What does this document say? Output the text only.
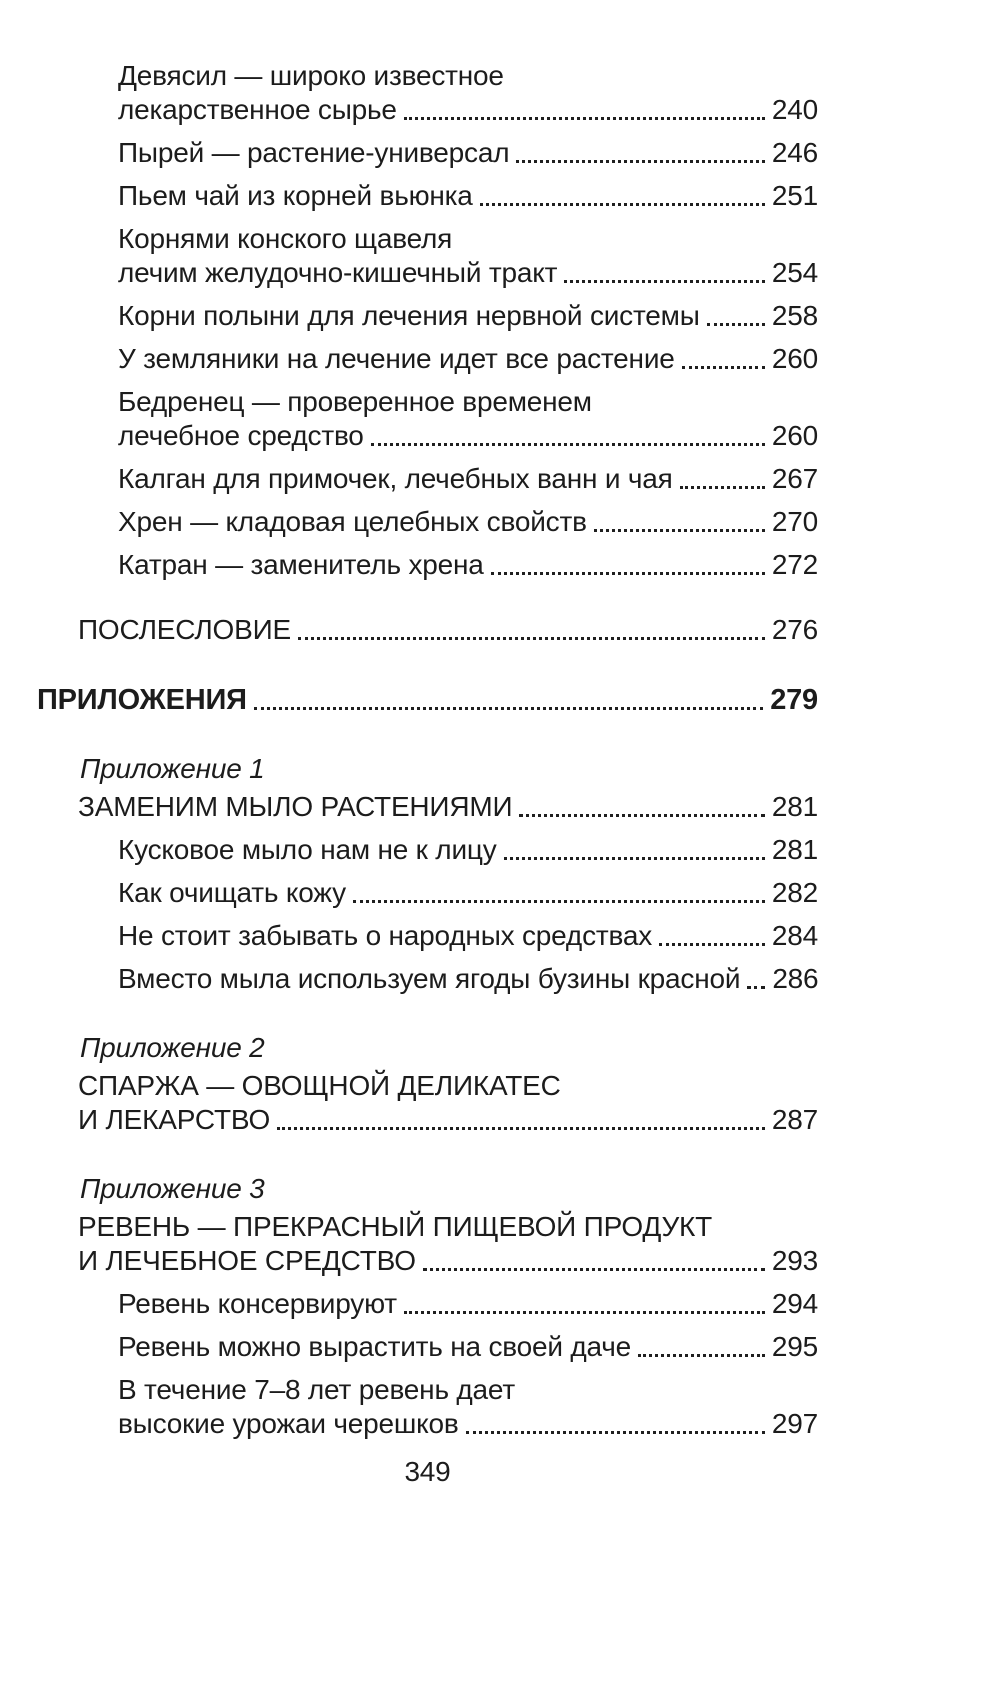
Девясил — широко известное
лекарственное сырье	240
Пырей — растение-универсал	246
Пьем чай из корней вьюнка	251
Корнями конского щавеля
лечим желудочно-кишечный тракт	254
Корни полыни для лечения нервной системы	258
У земляники на лечение идет все растение	260
Бедренец — проверенное временем
лечебное средство	260
Калган для примочек, лечебных ванн и чая	267
Хрен — кладовая целебных свойств	270
Катран — заменитель хрена	272
ПОСЛЕСЛОВИЕ	276
ПРИЛОЖЕНИЯ	279
Приложение 1
ЗАМЕНИМ МЫЛО РАСТЕНИЯМИ	281
Кусковое мыло нам не к лицу	281
Как очищать кожу	282
Не стоит забывать о народных средствах	284
Вместо мыла используем ягоды бузины красной 286
Приложение 2
СПАРЖА — ОВОЩНОЙ ДЕЛИКАТЕС
И ЛЕКАРСТВО	287
Приложение 3
РЕВЕНЬ — ПРЕКРАСНЫЙ ПИЩЕВОЙ ПРОДУКТ
И ЛЕЧЕБНОЕ СРЕДСТВО	293
Ревень консервируют	294
Ревень можно вырастить на своей даче	295
В течение 7–8 лет ревень дает
высокие урожаи черешков	297
349
